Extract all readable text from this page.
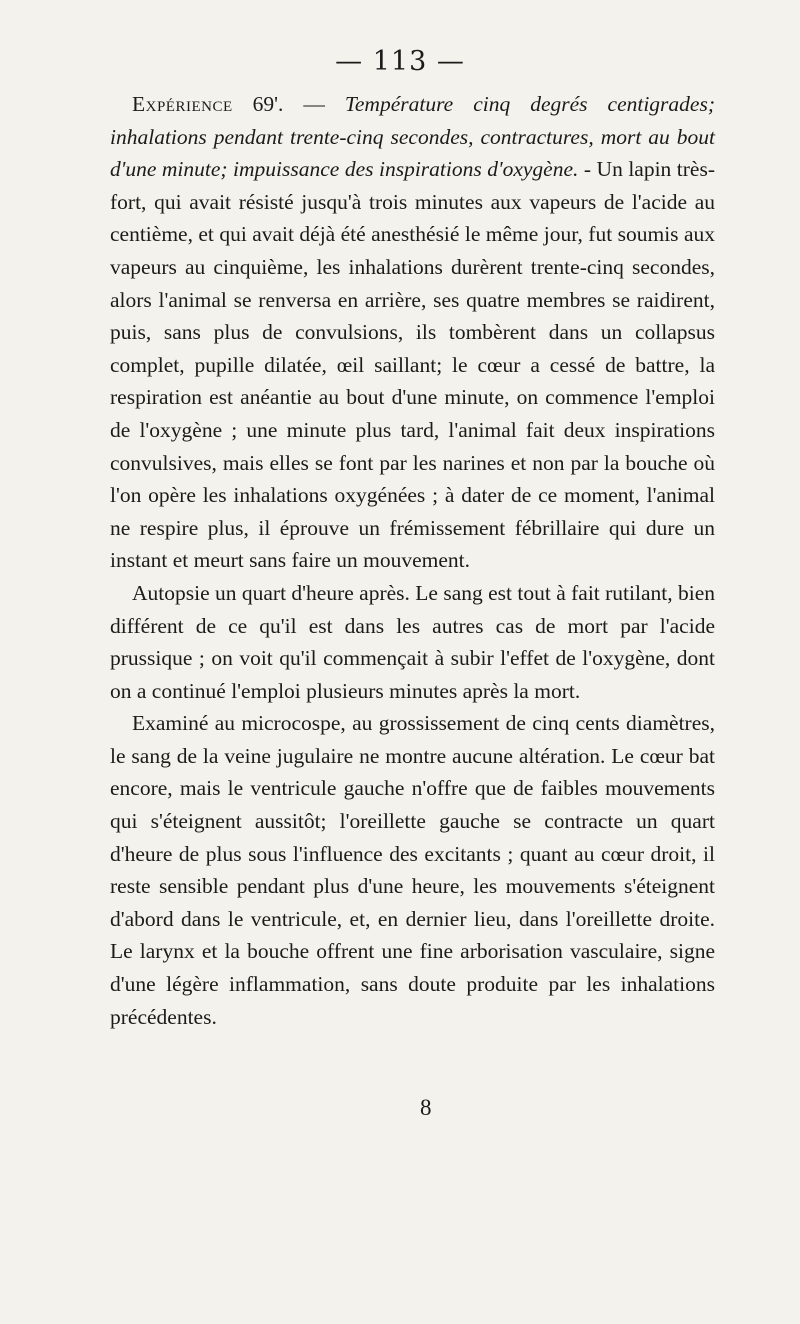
— 113 —

Expérience 69'. — Température cinq degrés centigrades; inhalations pendant trente-cinq secondes, contractures, mort au bout d'une minute; impuissance des inspirations d'oxygène. - Un lapin très-fort, qui avait résisté jusqu'à trois minutes aux vapeurs de l'acide au centième, et qui avait déjà été anesthésié le même jour, fut soumis aux vapeurs au cinquième, les inhalations durèrent trente-cinq secondes, alors l'animal se renversa en arrière, ses quatre membres se raidirent, puis, sans plus de convulsions, ils tombèrent dans un collapsus complet, pupille dilatée, œil saillant; le cœur a cessé de battre, la respiration est anéantie au bout d'une minute, on commence l'emploi de l'oxygène ; une minute plus tard, l'animal fait deux inspirations convulsives, mais elles se font par les narines et non par la bouche où l'on opère les inhalations oxygénées ; à dater de ce moment, l'animal ne respire plus, il éprouve un frémissement fébrillaire qui dure un instant et meurt sans faire un mouvement.

Autopsie un quart d'heure après. Le sang est tout à fait rutilant, bien différent de ce qu'il est dans les autres cas de mort par l'acide prussique ; on voit qu'il commençait à subir l'effet de l'oxygène, dont on a continué l'emploi plusieurs minutes après la mort.

Examiné au microcospe, au grossissement de cinq cents diamètres, le sang de la veine jugulaire ne montre aucune altération. Le cœur bat encore, mais le ventricule gauche n'offre que de faibles mouvements qui s'éteignent aussitôt; l'oreillette gauche se contracte un quart d'heure de plus sous l'influence des excitants ; quant au cœur droit, il reste sensible pendant plus d'une heure, les mouvements s'éteignent d'abord dans le ventricule, et, en dernier lieu, dans l'oreillette droite. Le larynx et la bouche offrent une fine arborisation vasculaire, signe d'une légère inflammation, sans doute produite par les inhalations précédentes.

8
